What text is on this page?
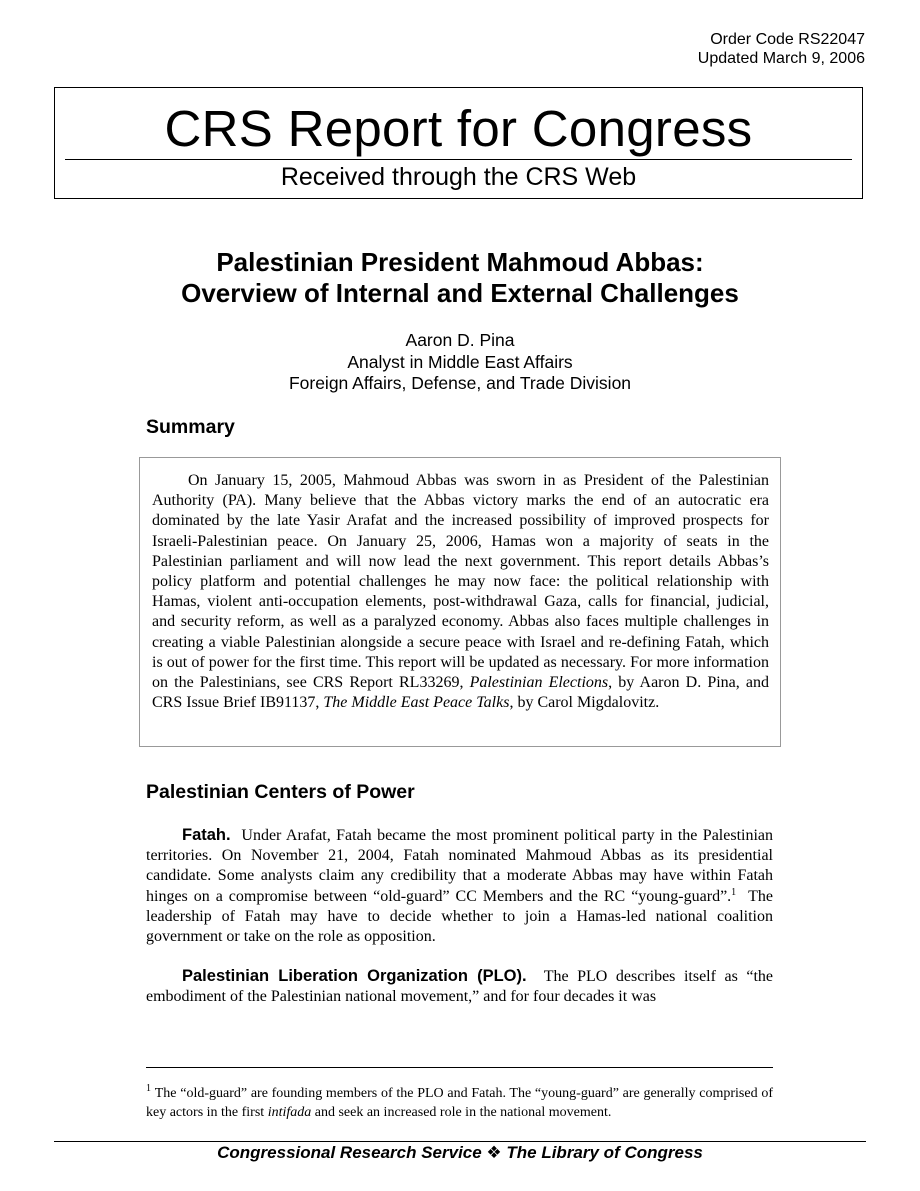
Order Code RS22047
Updated March 9, 2006
CRS Report for Congress
Received through the CRS Web
Palestinian President Mahmoud Abbas:
Overview of Internal and External Challenges
Aaron D. Pina
Analyst in Middle East Affairs
Foreign Affairs, Defense, and Trade Division
Summary

On January 15, 2005, Mahmoud Abbas was sworn in as President of the Palestinian Authority (PA). Many believe that the Abbas victory marks the end of an autocratic era dominated by the late Yasir Arafat and the increased possibility of improved prospects for Israeli-Palestinian peace. On January 25, 2006, Hamas won a majority of seats in the Palestinian parliament and will now lead the next government. This report details Abbas’s policy platform and potential challenges he may now face: the political relationship with Hamas, violent anti-occupation elements, post-withdrawal Gaza, calls for financial, judicial, and security reform, as well as a paralyzed economy. Abbas also faces multiple challenges in creating a viable Palestinian alongside a secure peace with Israel and re-defining Fatah, which is out of power for the first time. This report will be updated as necessary. For more information on the Palestinians, see CRS Report RL33269, Palestinian Elections, by Aaron D. Pina, and CRS Issue Brief IB91137, The Middle East Peace Talks, by Carol Migdalovitz.

Palestinian Centers of Power

Fatah. Under Arafat, Fatah became the most prominent political party in the Palestinian territories. On November 21, 2004, Fatah nominated Mahmoud Abbas as its presidential candidate. Some analysts claim any credibility that a moderate Abbas may have within Fatah hinges on a compromise between “old-guard” CC Members and the RC “young-guard”.$^1$ The leadership of Fatah may have to decide whether to join a Hamas-led national coalition government or take on the role as opposition.

Palestinian Liberation Organization (PLO). The PLO describes itself as “the embodiment of the Palestinian national movement,” and for four decades it was

$^1$ The “old-guard” are founding members of the PLO and Fatah. The “young-guard” are generally comprised of key actors in the first intifada and seek an increased role in the national movement.

Congressional Research Service ❖ The Library of Congress
